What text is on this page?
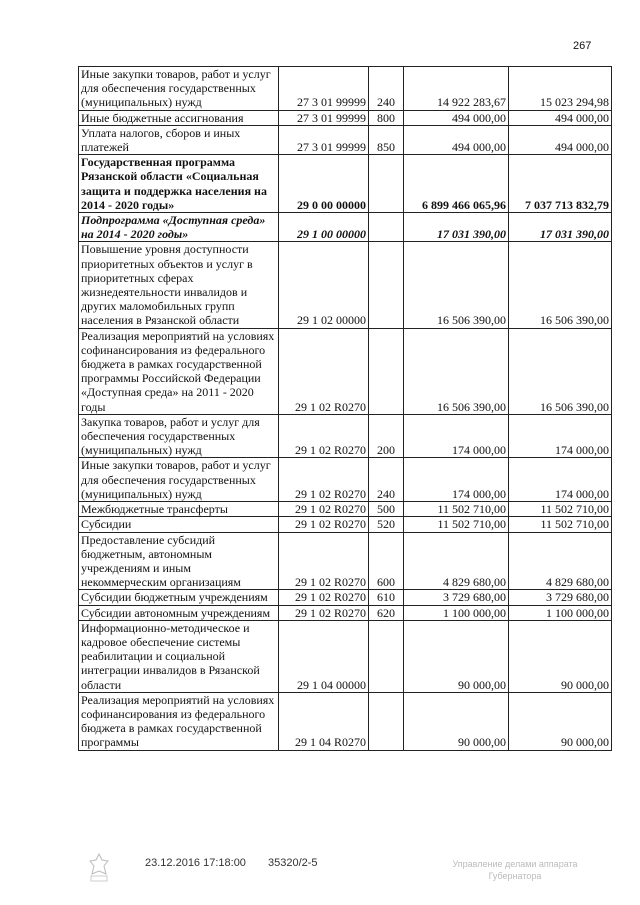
267
Иные закупки товаров, работ и услуг для обеспечения государственных (муниципальных) нужд	27 3 01 99999	240	14 922 283,67	15 023 294,98
Иные бюджетные ассигнования	27 3 01 99999	800	494 000,00	494 000,00
Уплата налогов, сборов и иных платежей	27 3 01 99999	850	494 000,00	494 000,00
Государственная программа Рязанской области «Социальная защита и поддержка населения на 2014 - 2020 годы»	29 0 00 00000		6 899 466 065,96	7 037 713 832,79
Подпрограмма «Доступная среда» на 2014 - 2020 годы»	29 1 00 00000		17 031 390,00	17 031 390,00
Повышение уровня доступности приоритетных объектов и услуг в приоритетных сферах жизнедеятельности инвалидов и других маломобильных групп населения в Рязанской области	29 1 02 00000		16 506 390,00	16 506 390,00
Реализация мероприятий на условиях софинансирования из федерального бюджета в рамках государственной программы Российской Федерации «Доступная среда» на 2011 - 2020 годы	29 1 02 R0270		16 506 390,00	16 506 390,00
Закупка товаров, работ и услуг для обеспечения государственных (муниципальных) нужд	29 1 02 R0270	200	174 000,00	174 000,00
Иные закупки товаров, работ и услуг для обеспечения государственных (муниципальных) нужд	29 1 02 R0270	240	174 000,00	174 000,00
Межбюджетные трансферты	29 1 02 R0270	500	11 502 710,00	11 502 710,00
Субсидии	29 1 02 R0270	520	11 502 710,00	11 502 710,00
Предоставление субсидий бюджетным, автономным учреждениям и иным некоммерческим организациям	29 1 02 R0270	600	4 829 680,00	4 829 680,00
Субсидии бюджетным учреждениям	29 1 02 R0270	610	3 729 680,00	3 729 680,00
Субсидии автономным учреждениям	29 1 02 R0270	620	1 100 000,00	1 100 000,00
Информационно-методическое и кадровое обеспечение системы реабилитации и социальной интеграции инвалидов в Рязанской области	29 1 04 00000		90 000,00	90 000,00
Реализация мероприятий на условиях софинансирования из федерального бюджета в рамках государственной программы	29 1 04 R0270		90 000,00	90 000,00
23.12.2016 17:18:00 35320/2-5	Управление делами аппарата
Губернатора
